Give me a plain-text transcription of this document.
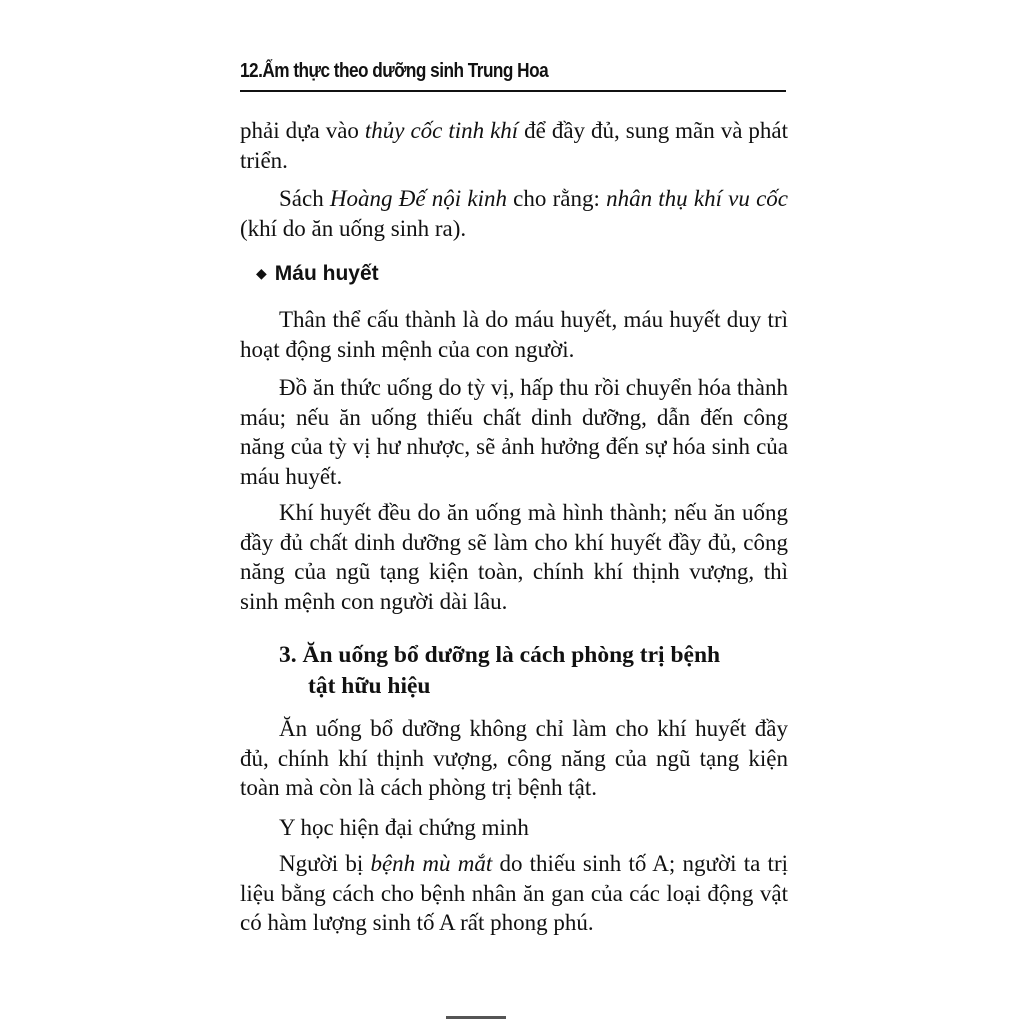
12.Ẩm thực theo dưỡng sinh Trung Hoa

phải dựa vào thủy cốc tinh khí để đầy đủ, sung mãn và phát triển.

Sách Hoàng Đế nội kinh cho rằng: nhân thụ khí vu cốc (khí do ăn uống sinh ra).

◆ Máu huyết

Thân thể cấu thành là do máu huyết, máu huyết duy trì hoạt động sinh mệnh của con người.

Đồ ăn thức uống do tỳ vị, hấp thu rồi chuyển hóa thành máu; nếu ăn uống thiếu chất dinh dưỡng, dẫn đến công năng của tỳ vị hư nhược, sẽ ảnh hưởng đến sự hóa sinh của máu huyết.

Khí huyết đều do ăn uống mà hình thành; nếu ăn uống đầy đủ chất dinh dưỡng sẽ làm cho khí huyết đầy đủ, công năng của ngũ tạng kiện toàn, chính khí thịnh vượng, thì sinh mệnh con người dài lâu.

3. Ăn uống bổ dưỡng là cách phòng trị bệnh
tật hữu hiệu

Ăn uống bổ dưỡng không chỉ làm cho khí huyết đầy đủ, chính khí thịnh vượng, công năng của ngũ tạng kiện toàn mà còn là cách phòng trị bệnh tật.

Y học hiện đại chứng minh

Người bị bệnh mù mắt do thiếu sinh tố A; người ta trị liệu bằng cách cho bệnh nhân ăn gan của các loại động vật có hàm lượng sinh tố A rất phong phú.
